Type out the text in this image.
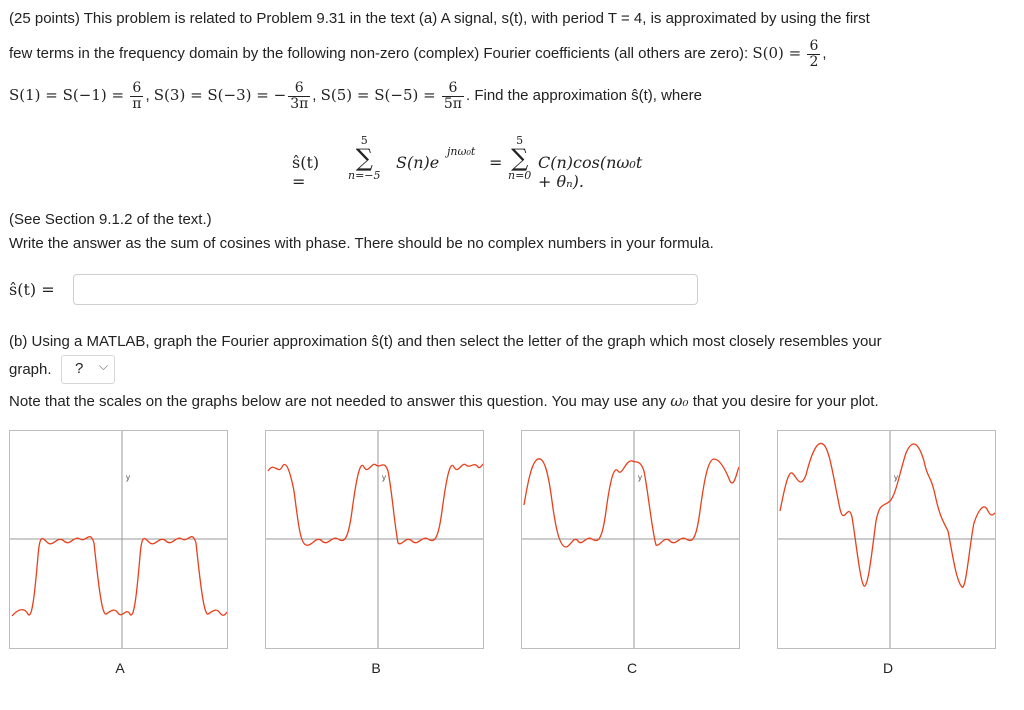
(25 points) This problem is related to Problem 9.31 in the text (a) A signal, s(t), with period T = 4, is approximated by using the first
few terms in the frequency domain by the following non-zero (complex) Fourier coefficients (all others are zero): $S(0) = \frac{6}{2}$ ,
$S(1) = S(-1) = \frac{6}{\pi}$ , S(3) = S(−3) = − $\frac{6}{3\pi}$ , $S(5) = S(-5) = \frac{6}{5\pi}$ . Find the approximation ŝ(t), where
ŝ(t) =
5
∑
n=−5
S(n)e
jnω₀t
=
5
∑
n=0
C(n)cos(nω₀t + θₙ).
(See Section 9.1.2 of the text.)
Write the answer as the sum of cosines with phase. There should be no complex numbers in your formula.
ŝ(t) =
(b) Using a MATLAB, graph the Fourier approximation ŝ(t) and then select the letter of the graph which most closely resembles your
graph. ? ⌵
Note that the scales on the graphs below are not needed to answer this question. You may use any ω₀ that you desire for your plot.
y
A
y
B
y
C
y
D
